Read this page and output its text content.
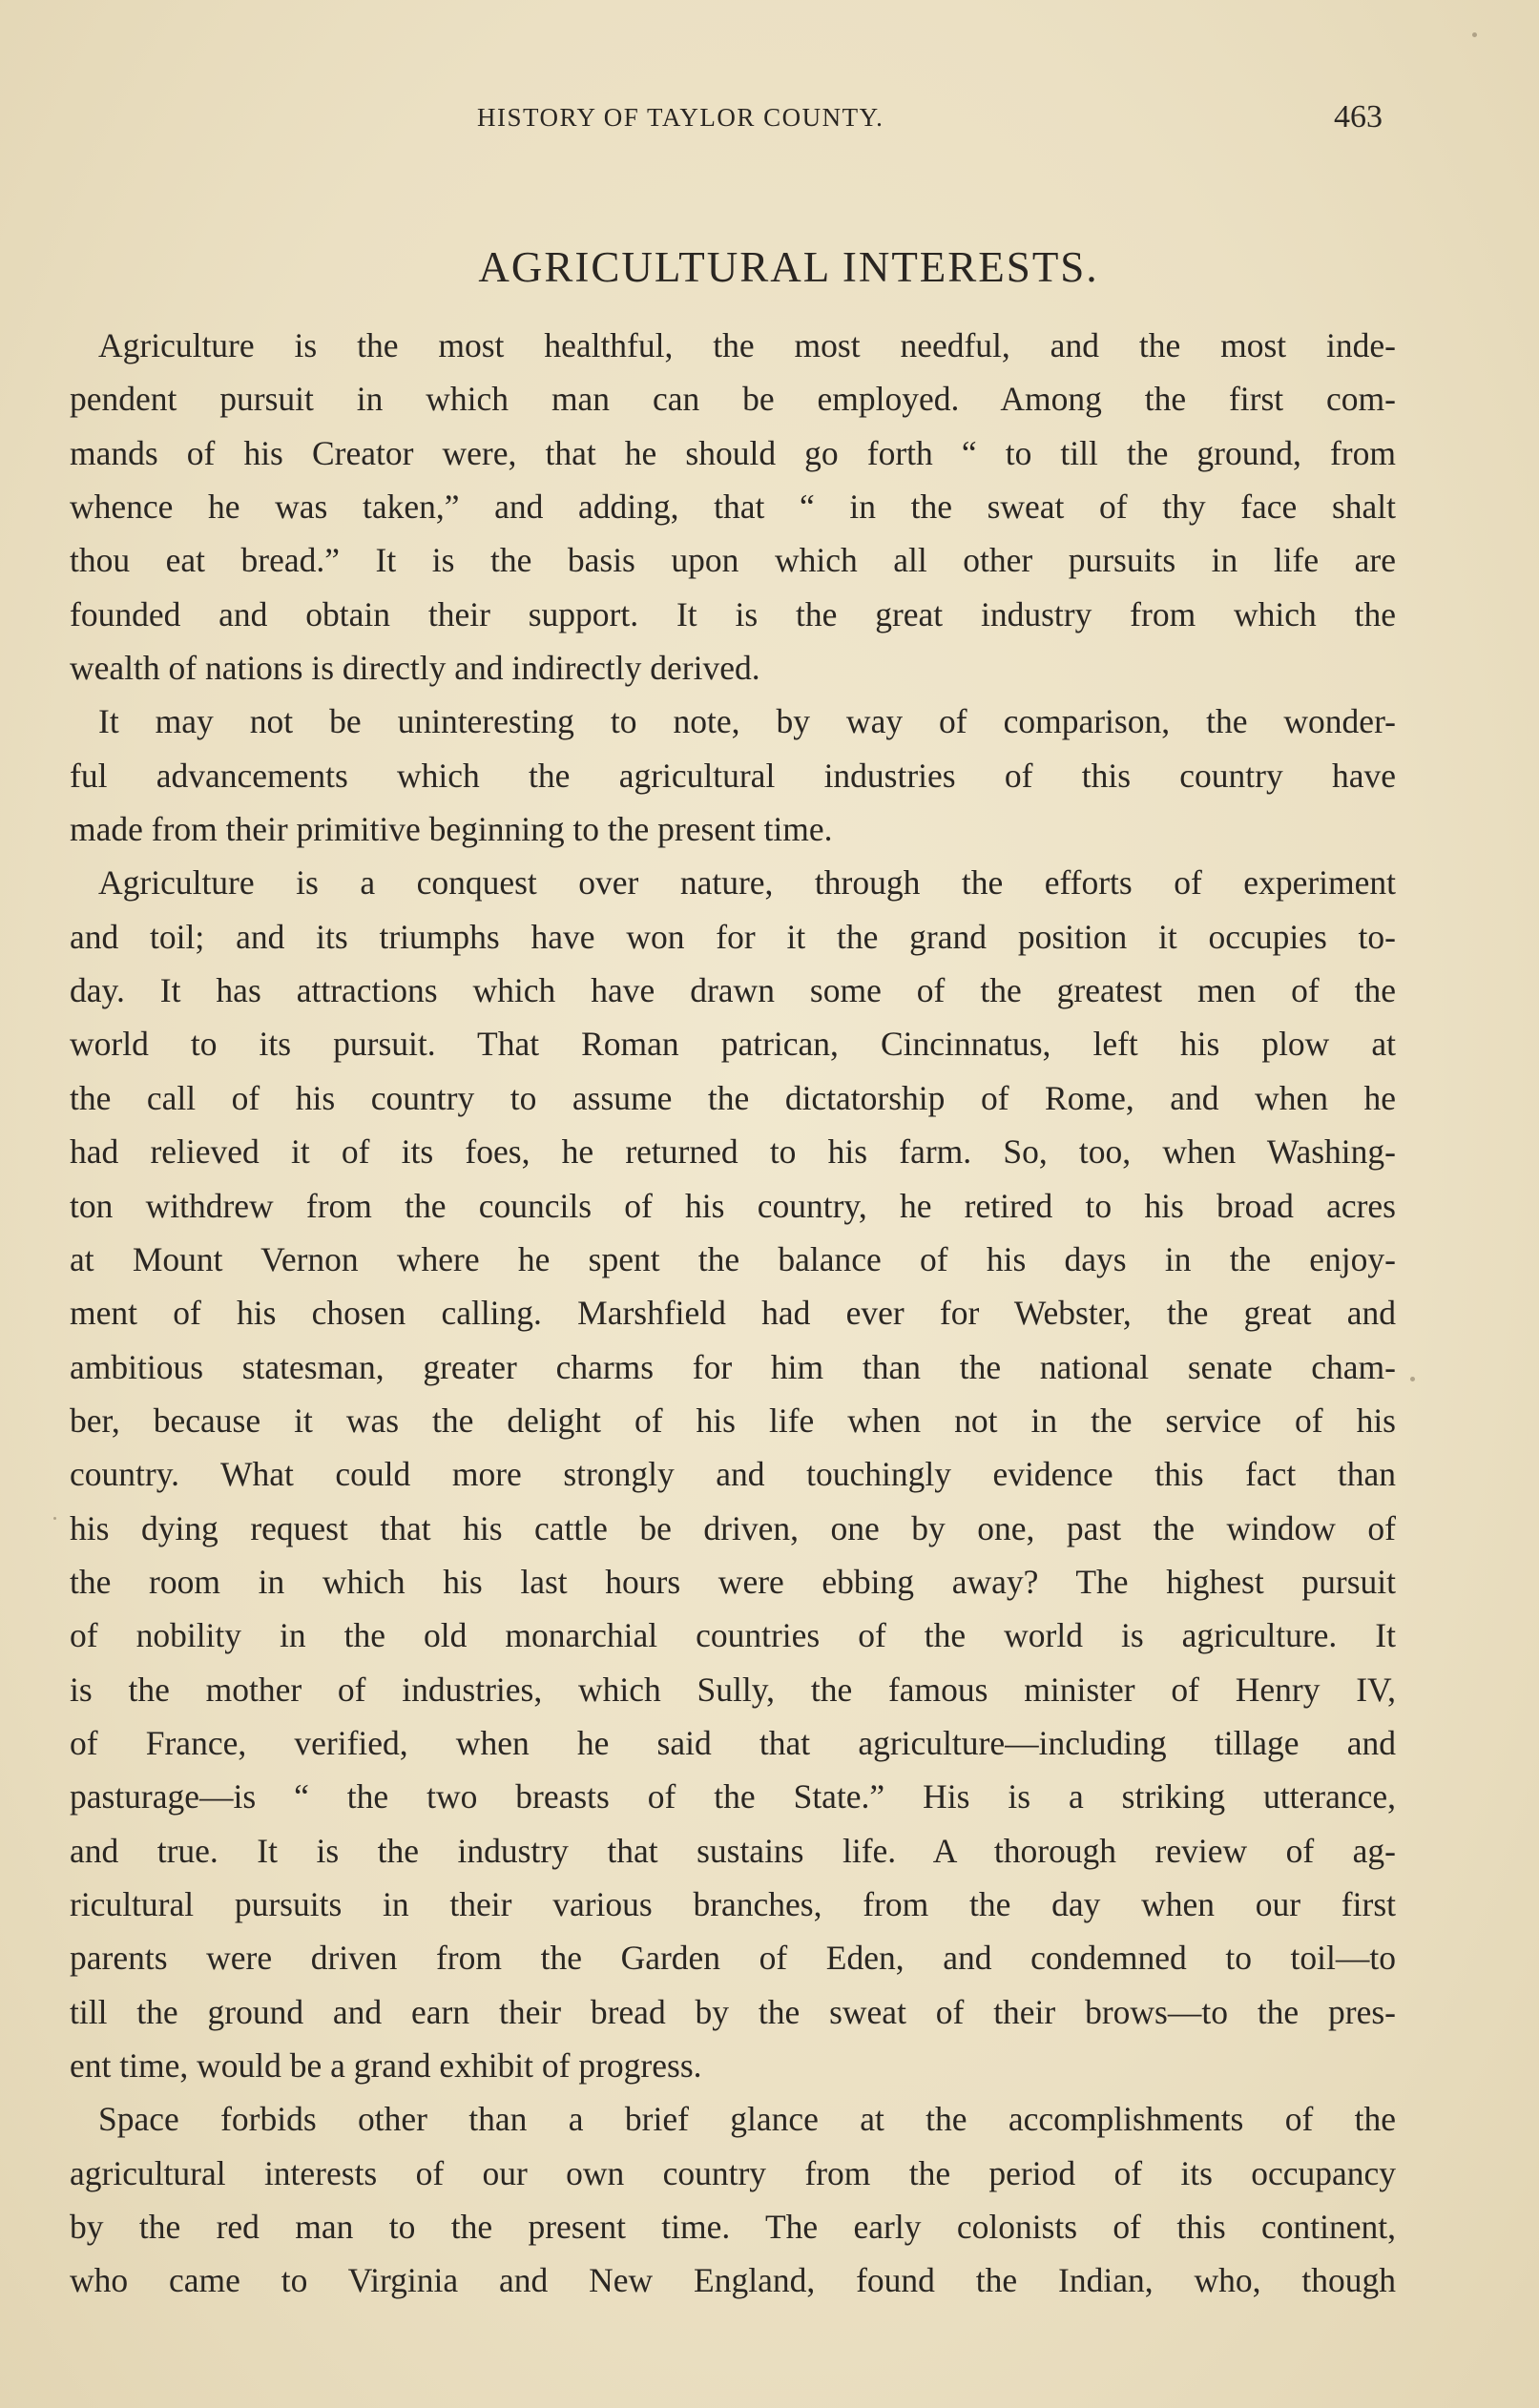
HISTORY OF TAYLOR COUNTY.	463
AGRICULTURAL INTERESTS.
Agriculture is the most healthful, the most needful, and the most inde-
pendent pursuit in which man can be employed. Among the first com-
mands of his Creator were, that he should go forth “ to till the ground, from
whence he was taken,” and adding, that “ in the sweat of thy face shalt
thou eat bread.” It is the basis upon which all other pursuits in life are
founded and obtain their support. It is the great industry from which the
wealth of nations is directly and indirectly derived.
It may not be uninteresting to note, by way of comparison, the wonder-
ful advancements which the agricultural industries of this country have
made from their primitive beginning to the present time.
Agriculture is a conquest over nature, through the efforts of experiment
and toil; and its triumphs have won for it the grand position it occupies to-
day. It has attractions which have drawn some of the greatest men of the
world to its pursuit. That Roman patrican, Cincinnatus, left his plow at
the call of his country to assume the dictatorship of Rome, and when he
had relieved it of its foes, he returned to his farm. So, too, when Washing-
ton withdrew from the councils of his country, he retired to his broad acres
at Mount Vernon where he spent the balance of his days in the enjoy-
ment of his chosen calling. Marshfield had ever for Webster, the great and
ambitious statesman, greater charms for him than the national senate cham-
ber, because it was the delight of his life when not in the service of his
country. What could more strongly and touchingly evidence this fact than
his dying request that his cattle be driven, one by one, past the window of
the room in which his last hours were ebbing away? The highest pursuit
of nobility in the old monarchial countries of the world is agriculture. It
is the mother of industries, which Sully, the famous minister of Henry IV,
of France, verified, when he said that agriculture—including tillage and
pasturage—is “ the two breasts of the State.” His is a striking utterance,
and true. It is the industry that sustains life. A thorough review of ag-
ricultural pursuits in their various branches, from the day when our first
parents were driven from the Garden of Eden, and condemned to toil—to
till the ground and earn their bread by the sweat of their brows—to the pres-
ent time, would be a grand exhibit of progress.
Space forbids other than a brief glance at the accomplishments of the
agricultural interests of our own country from the period of its occupancy
by the red man to the present time. The early colonists of this continent,
who came to Virginia and New England, found the Indian, who, though
